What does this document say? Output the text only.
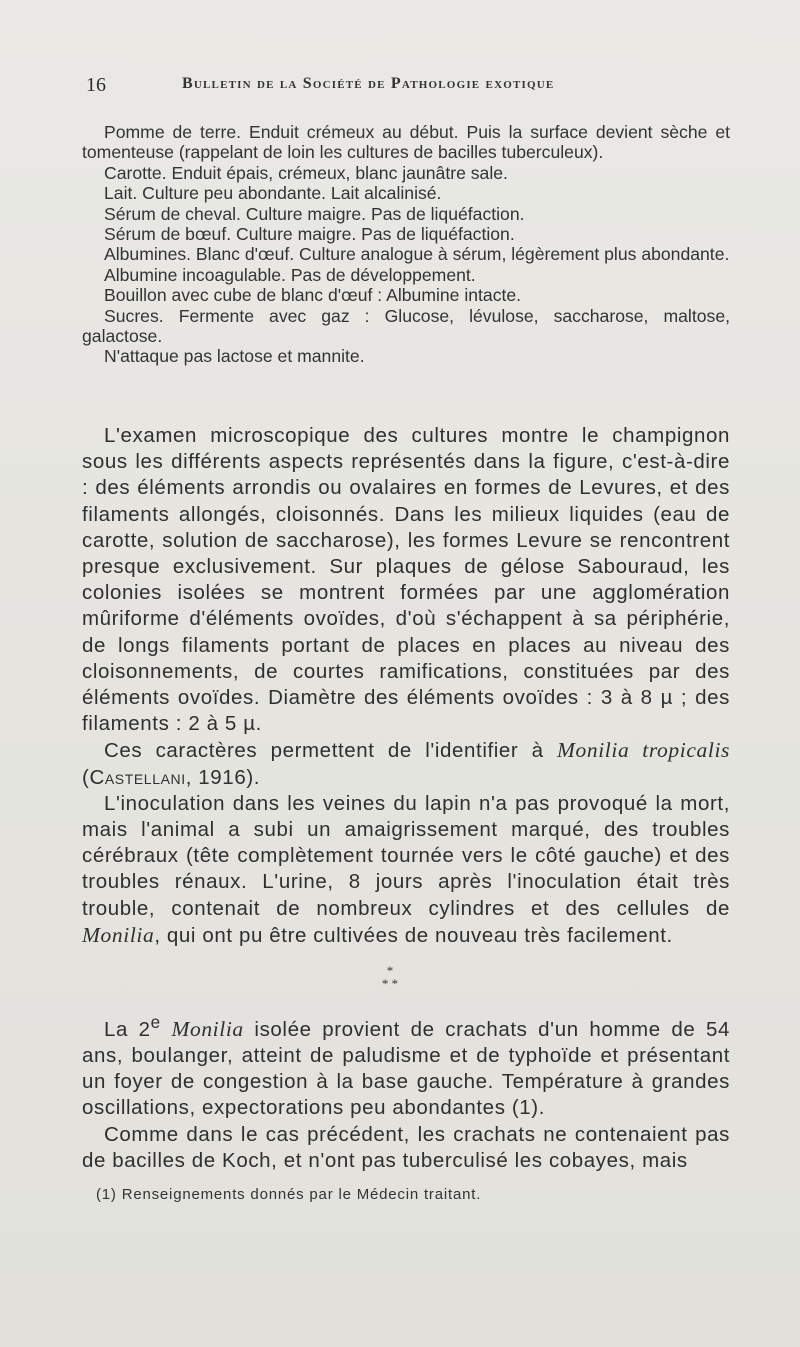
16	Bulletin de la Société de Pathologie exotique

Pomme de terre. Enduit crémeux au début. Puis la surface devient sèche et tomenteuse (rappelant de loin les cultures de bacilles tuberculeux).

Carotte. Enduit épais, crémeux, blanc jaunâtre sale.

Lait. Culture peu abondante. Lait alcalinisé.

Sérum de cheval. Culture maigre. Pas de liquéfaction.

Sérum de bœuf. Culture maigre. Pas de liquéfaction.

Albumines. Blanc d'œuf. Culture analogue à sérum, légèrement plus abondante.

Albumine incoagulable. Pas de développement.

Bouillon avec cube de blanc d'œuf : Albumine intacte.

Sucres. Fermente avec gaz : Glucose, lévulose, saccharose, maltose, galactose.

N'attaque pas lactose et mannite.

L'examen microscopique des cultures montre le champignon sous les différents aspects représentés dans la figure, c'est-à-dire : des éléments arrondis ou ovalaires en formes de Levures, et des filaments allongés, cloisonnés. Dans les milieux liquides (eau de carotte, solution de saccharose), les formes Levure se rencontrent presque exclusivement. Sur plaques de gélose Sabouraud, les colonies isolées se montrent formées par une agglomération mûriforme d'éléments ovoïdes, d'où s'échappent à sa périphérie, de longs filaments portant de places en places au niveau des cloisonnements, de courtes ramifications, constituées par des éléments ovoïdes. Diamètre des éléments ovoïdes : 3 à 8 µ ; des filaments : 2 à 5 µ.

Ces caractères permettent de l'identifier à Monilia tropicalis (Castellani, 1916).

L'inoculation dans les veines du lapin n'a pas provoqué la mort, mais l'animal a subi un amaigrissement marqué, des troubles cérébraux (tête complètement tournée vers le côté gauche) et des troubles rénaux. L'urine, 8 jours après l'inoculation était très trouble, contenait de nombreux cylindres et des cellules de Monilia, qui ont pu être cultivées de nouveau très facilement.

*
* *

La 2e Monilia isolée provient de crachats d'un homme de 54 ans, boulanger, atteint de paludisme et de typhoïde et présentant un foyer de congestion à la base gauche. Température à grandes oscillations, expectorations peu abondantes (1).

Comme dans le cas précédent, les crachats ne contenaient pas de bacilles de Koch, et n'ont pas tuberculisé les cobayes, mais

(1) Renseignements donnés par le Médecin traitant.
